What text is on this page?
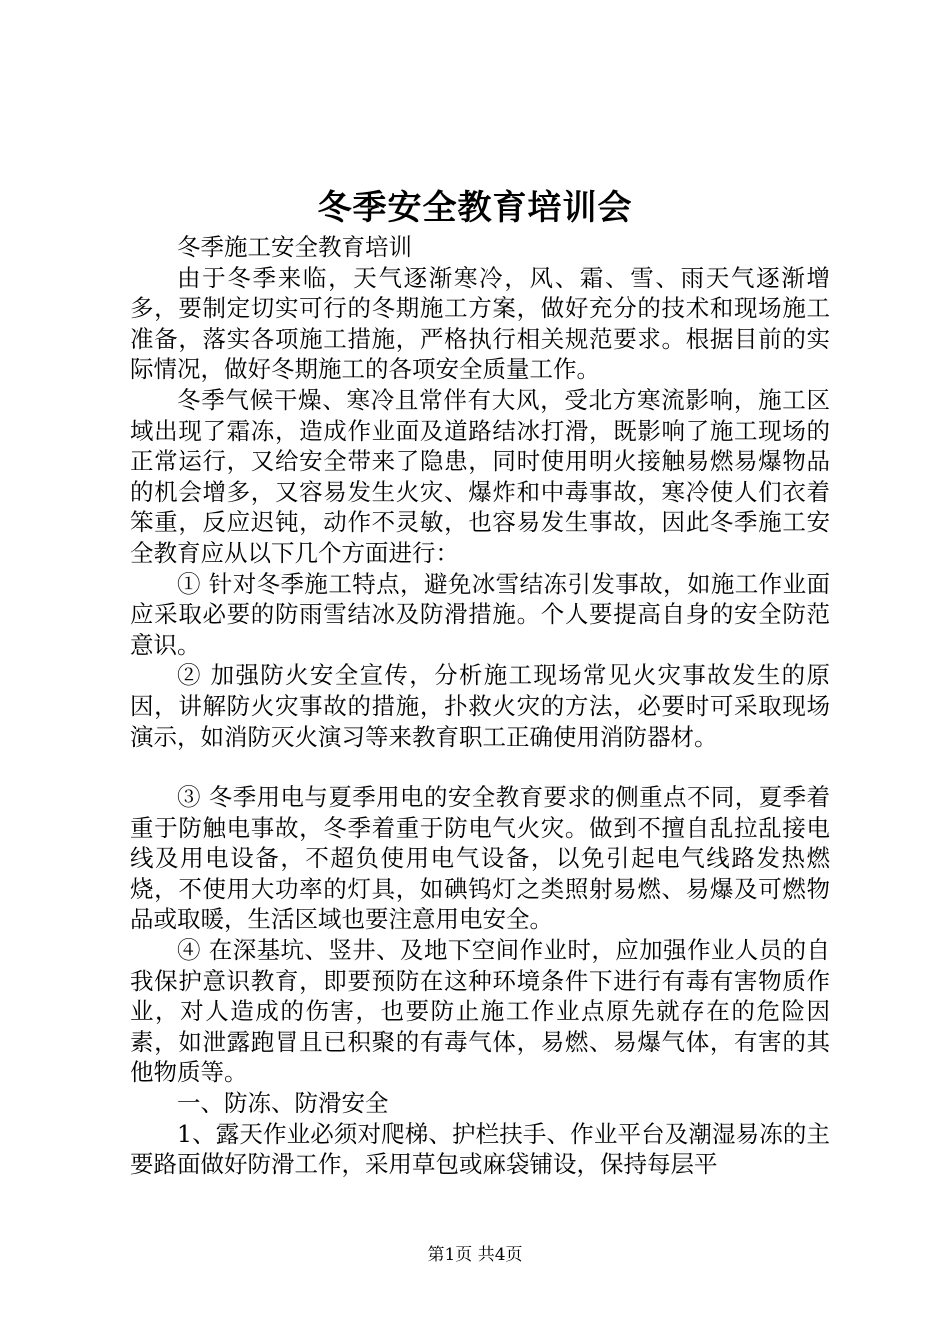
冬季安全教育培训会

冬季施工安全教育培训

由于冬季来临，天气逐渐寒冷，风、霜、雪、雨天气逐渐增多，要制定切实可行的冬期施工方案，做好充分的技术和现场施工准备，落实各项施工措施，严格执行相关规范要求。根据目前的实际情况，做好冬期施工的各项安全质量工作。

冬季气候干燥、寒冷且常伴有大风，受北方寒流影响，施工区域出现了霜冻，造成作业面及道路结冰打滑，既影响了施工现场的正常运行，又给安全带来了隐患，同时使用明火接触易燃易爆物品的机会增多，又容易发生火灾、爆炸和中毒事故，寒冷使人们衣着笨重，反应迟钝，动作不灵敏，也容易发生事故，因此冬季施工安全教育应从以下几个方面进行：

① 针对冬季施工特点，避免冰雪结冻引发事故，如施工作业面应采取必要的防雨雪结冰及防滑措施。个人要提高自身的安全防范意识。

② 加强防火安全宣传，分析施工现场常见火灾事故发生的原因，讲解防火灾事故的措施，扑救火灾的方法，必要时可采取现场演示，如消防灭火演习等来教育职工正确使用消防器材。

③ 冬季用电与夏季用电的安全教育要求的侧重点不同，夏季着重于防触电事故，冬季着重于防电气火灾。做到不擅自乱拉乱接电线及用电设备，不超负使用电气设备，以免引起电气线路发热燃烧，不使用大功率的灯具，如碘钨灯之类照射易燃、易爆及可燃物品或取暖，生活区域也要注意用电安全。

④ 在深基坑、竖井、及地下空间作业时，应加强作业人员的自我保护意识教育，即要预防在这种环境条件下进行有毒有害物质作业，对人造成的伤害，也要防止施工作业点原先就存在的危险因素，如泄露跑冒且已积聚的有毒气体，易燃、易爆气体，有害的其他物质等。

一、防冻、防滑安全

1、露天作业必须对爬梯、护栏扶手、作业平台及潮湿易冻的主要路面做好防滑工作，采用草包或麻袋铺设，保持每层平

第1页 共4页
